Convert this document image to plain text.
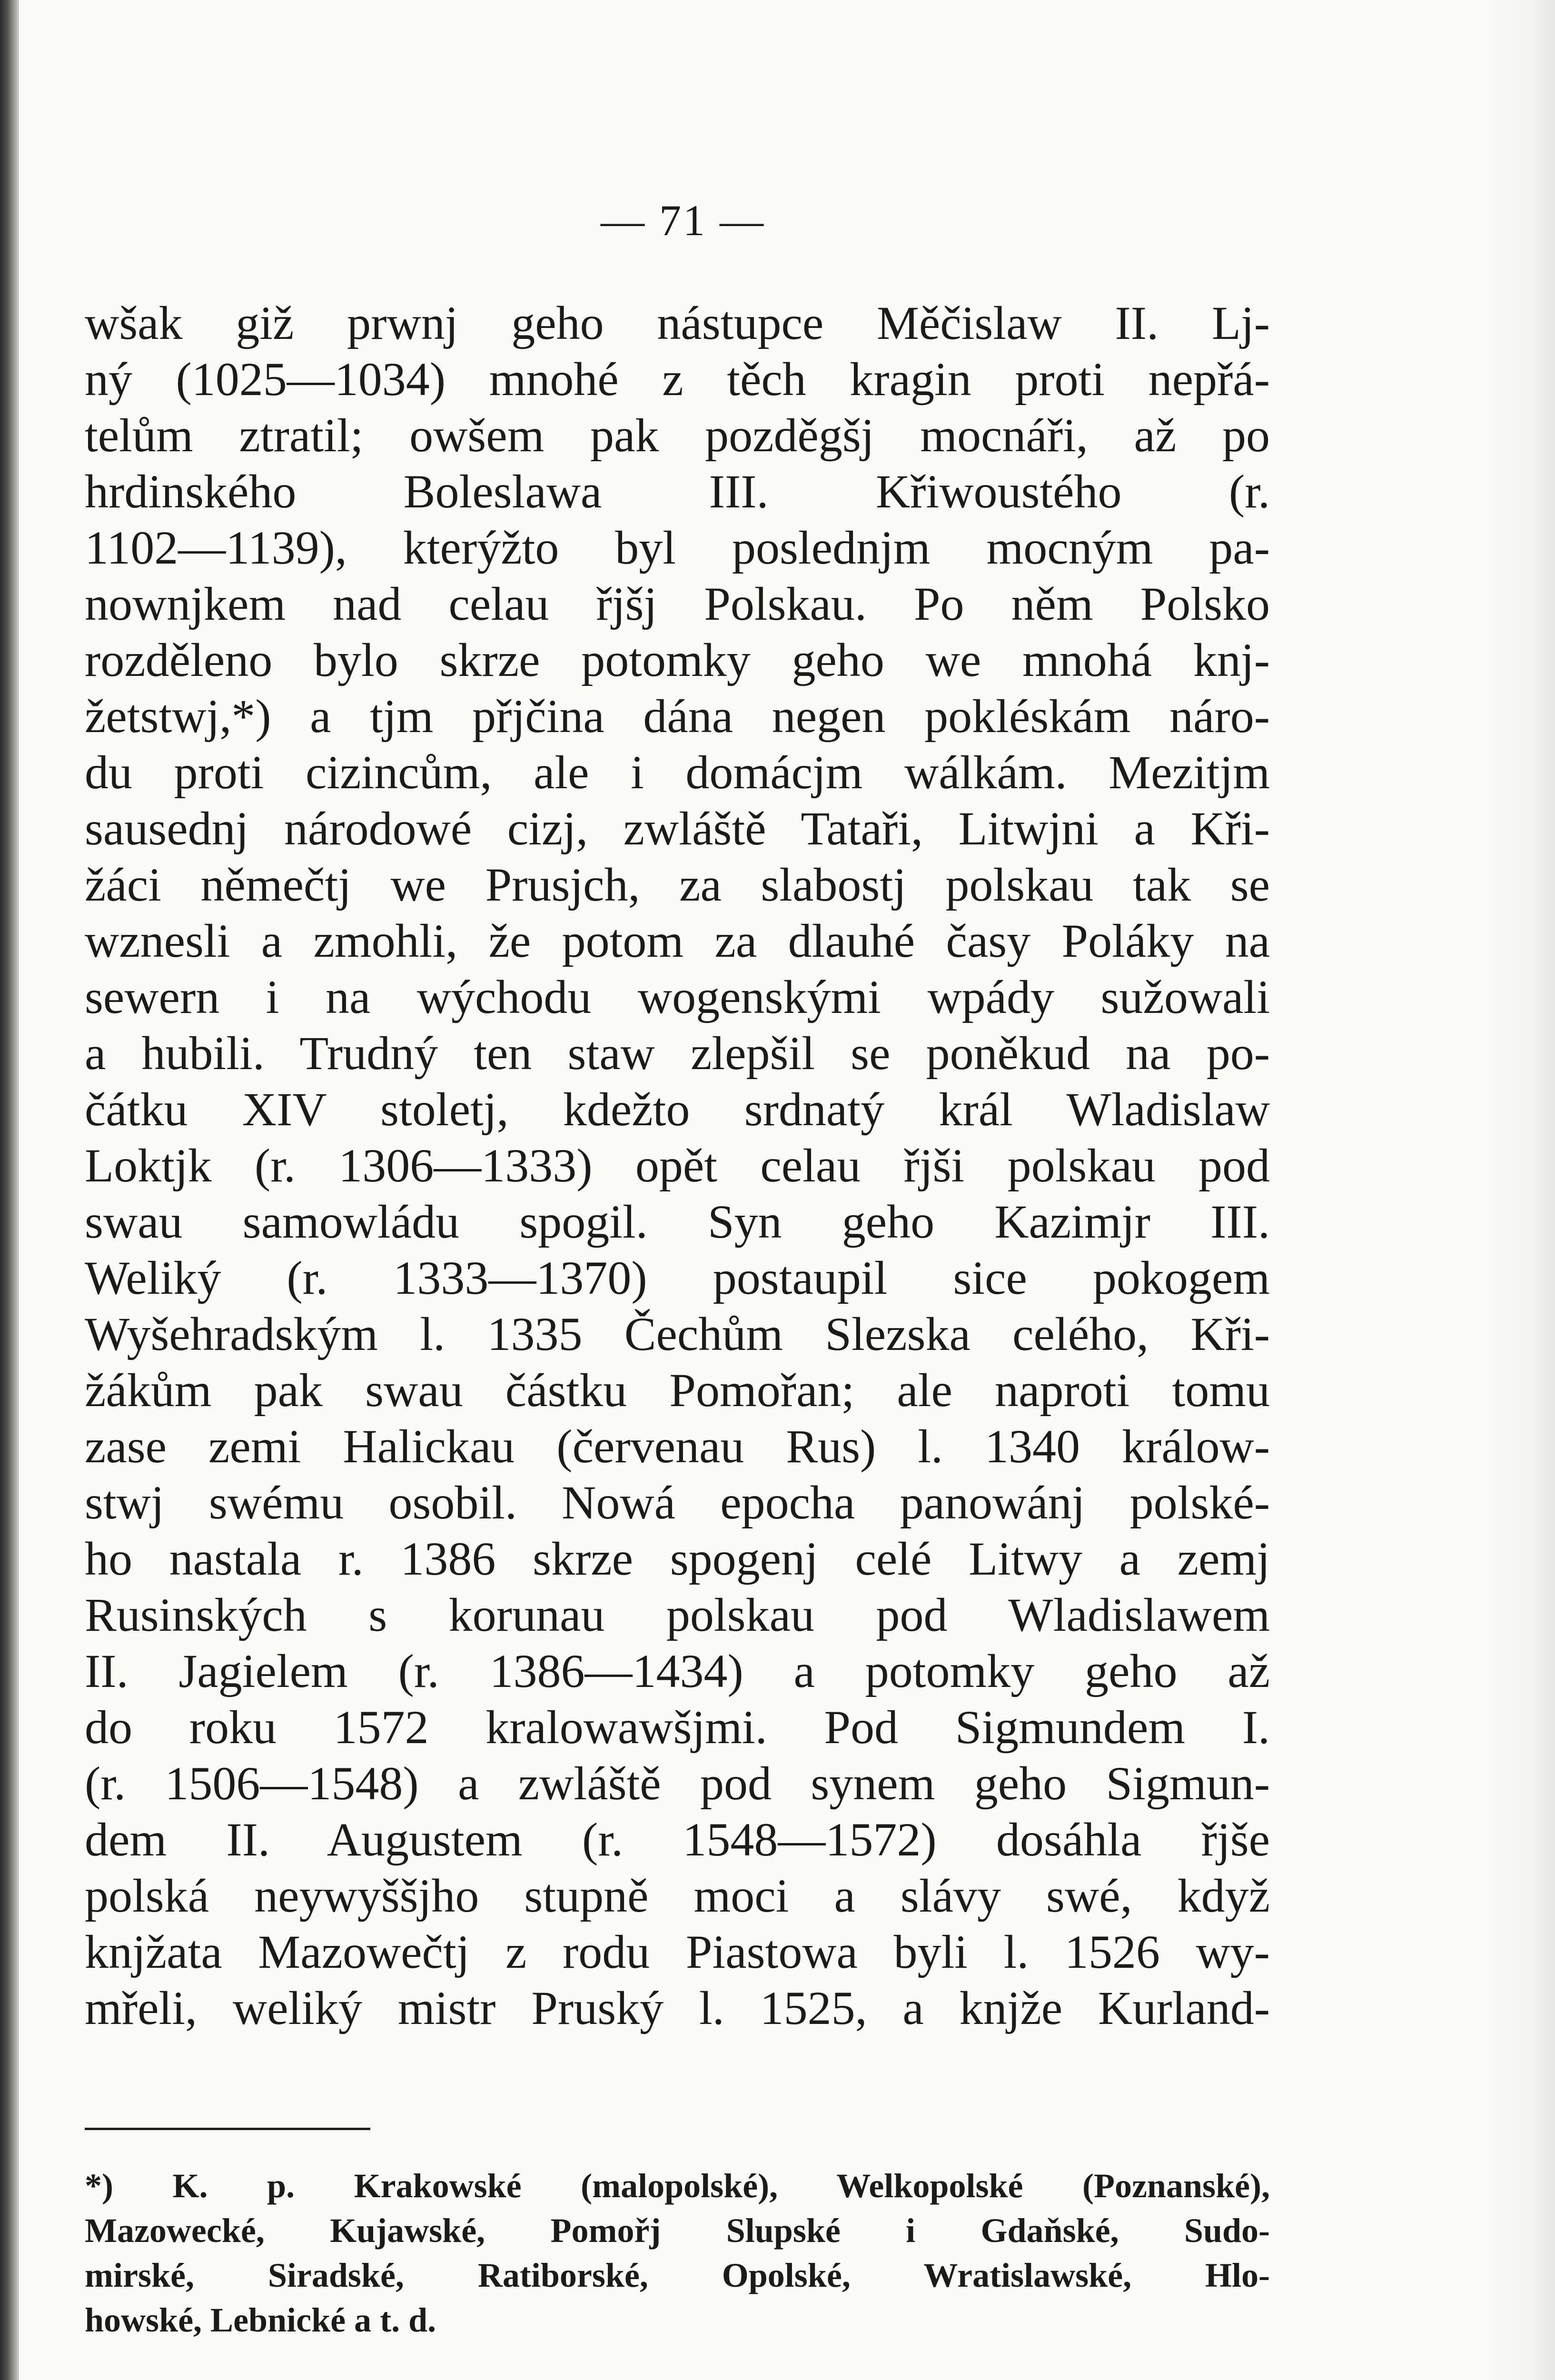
— 71 —
wšak giž prwnj geho nástupce Měčislaw II. Lj-
ný (1025—1034) mnohé z těch kragin proti nepřá-
telům ztratil; owšem pak pozděgšj mocnáři, až po
hrdinského Boleslawa III. Křiwoustého (r.
1102—1139), kterýžto byl poslednjm mocným pa-
nownjkem nad celau řjšj Polskau. Po něm Polsko
rozděleno bylo skrze potomky geho we mnohá knj-
žetstwj,*) a tjm přjčina dána negen pokléskám náro-
du proti cizincům, ale i domácjm wálkám. Mezitjm
sausednj národowé cizj, zwláště Tataři, Litwjni a Kři-
žáci němečtj we Prusjch, za slabostj polskau tak se
wznesli a zmohli, že potom za dlauhé časy Poláky na
sewern i na wýchodu wogenskými wpády sužowali
a hubili. Trudný ten staw zlepšil se poněkud na po-
čátku XIV stoletj, kdežto srdnatý král Wladislaw
Loktjk (r. 1306—1333) opět celau řjši polskau pod
swau samowládu spogil. Syn geho Kazimjr III.
Weliký (r. 1333—1370) postaupil sice pokogem
Wyšehradským l. 1335 Čechům Slezska celého, Kři-
žákům pak swau částku Pomořan; ale naproti tomu
zase zemi Halickau (červenau Rus) l. 1340 králow-
stwj swému osobil. Nowá epocha panowánj polské-
ho nastala r. 1386 skrze spogenj celé Litwy a zemj
Rusinských s korunau polskau pod Wladislawem
II. Jagielem (r. 1386—1434) a potomky geho až
do roku 1572 kralowawšjmi. Pod Sigmundem I.
(r. 1506—1548) a zwláště pod synem geho Sigmun-
dem II. Augustem (r. 1548—1572) dosáhla řjše
polská neywyššjho stupně moci a slávy swé, když
knjžata Mazowečtj z rodu Piastowa byli l. 1526 wy-
mřeli, weliký mistr Pruský l. 1525, a knjže Kurland-
*) K. p. Krakowské (malopolské), Welkopolské (Poznanské),
Mazowecké, Kujawské, Pomořj Slupské i Gdaňské, Sudo-
mirské, Siradské, Ratiborské, Opolské, Wratislawské, Hlo-
howské, Lebnické a t. d.
